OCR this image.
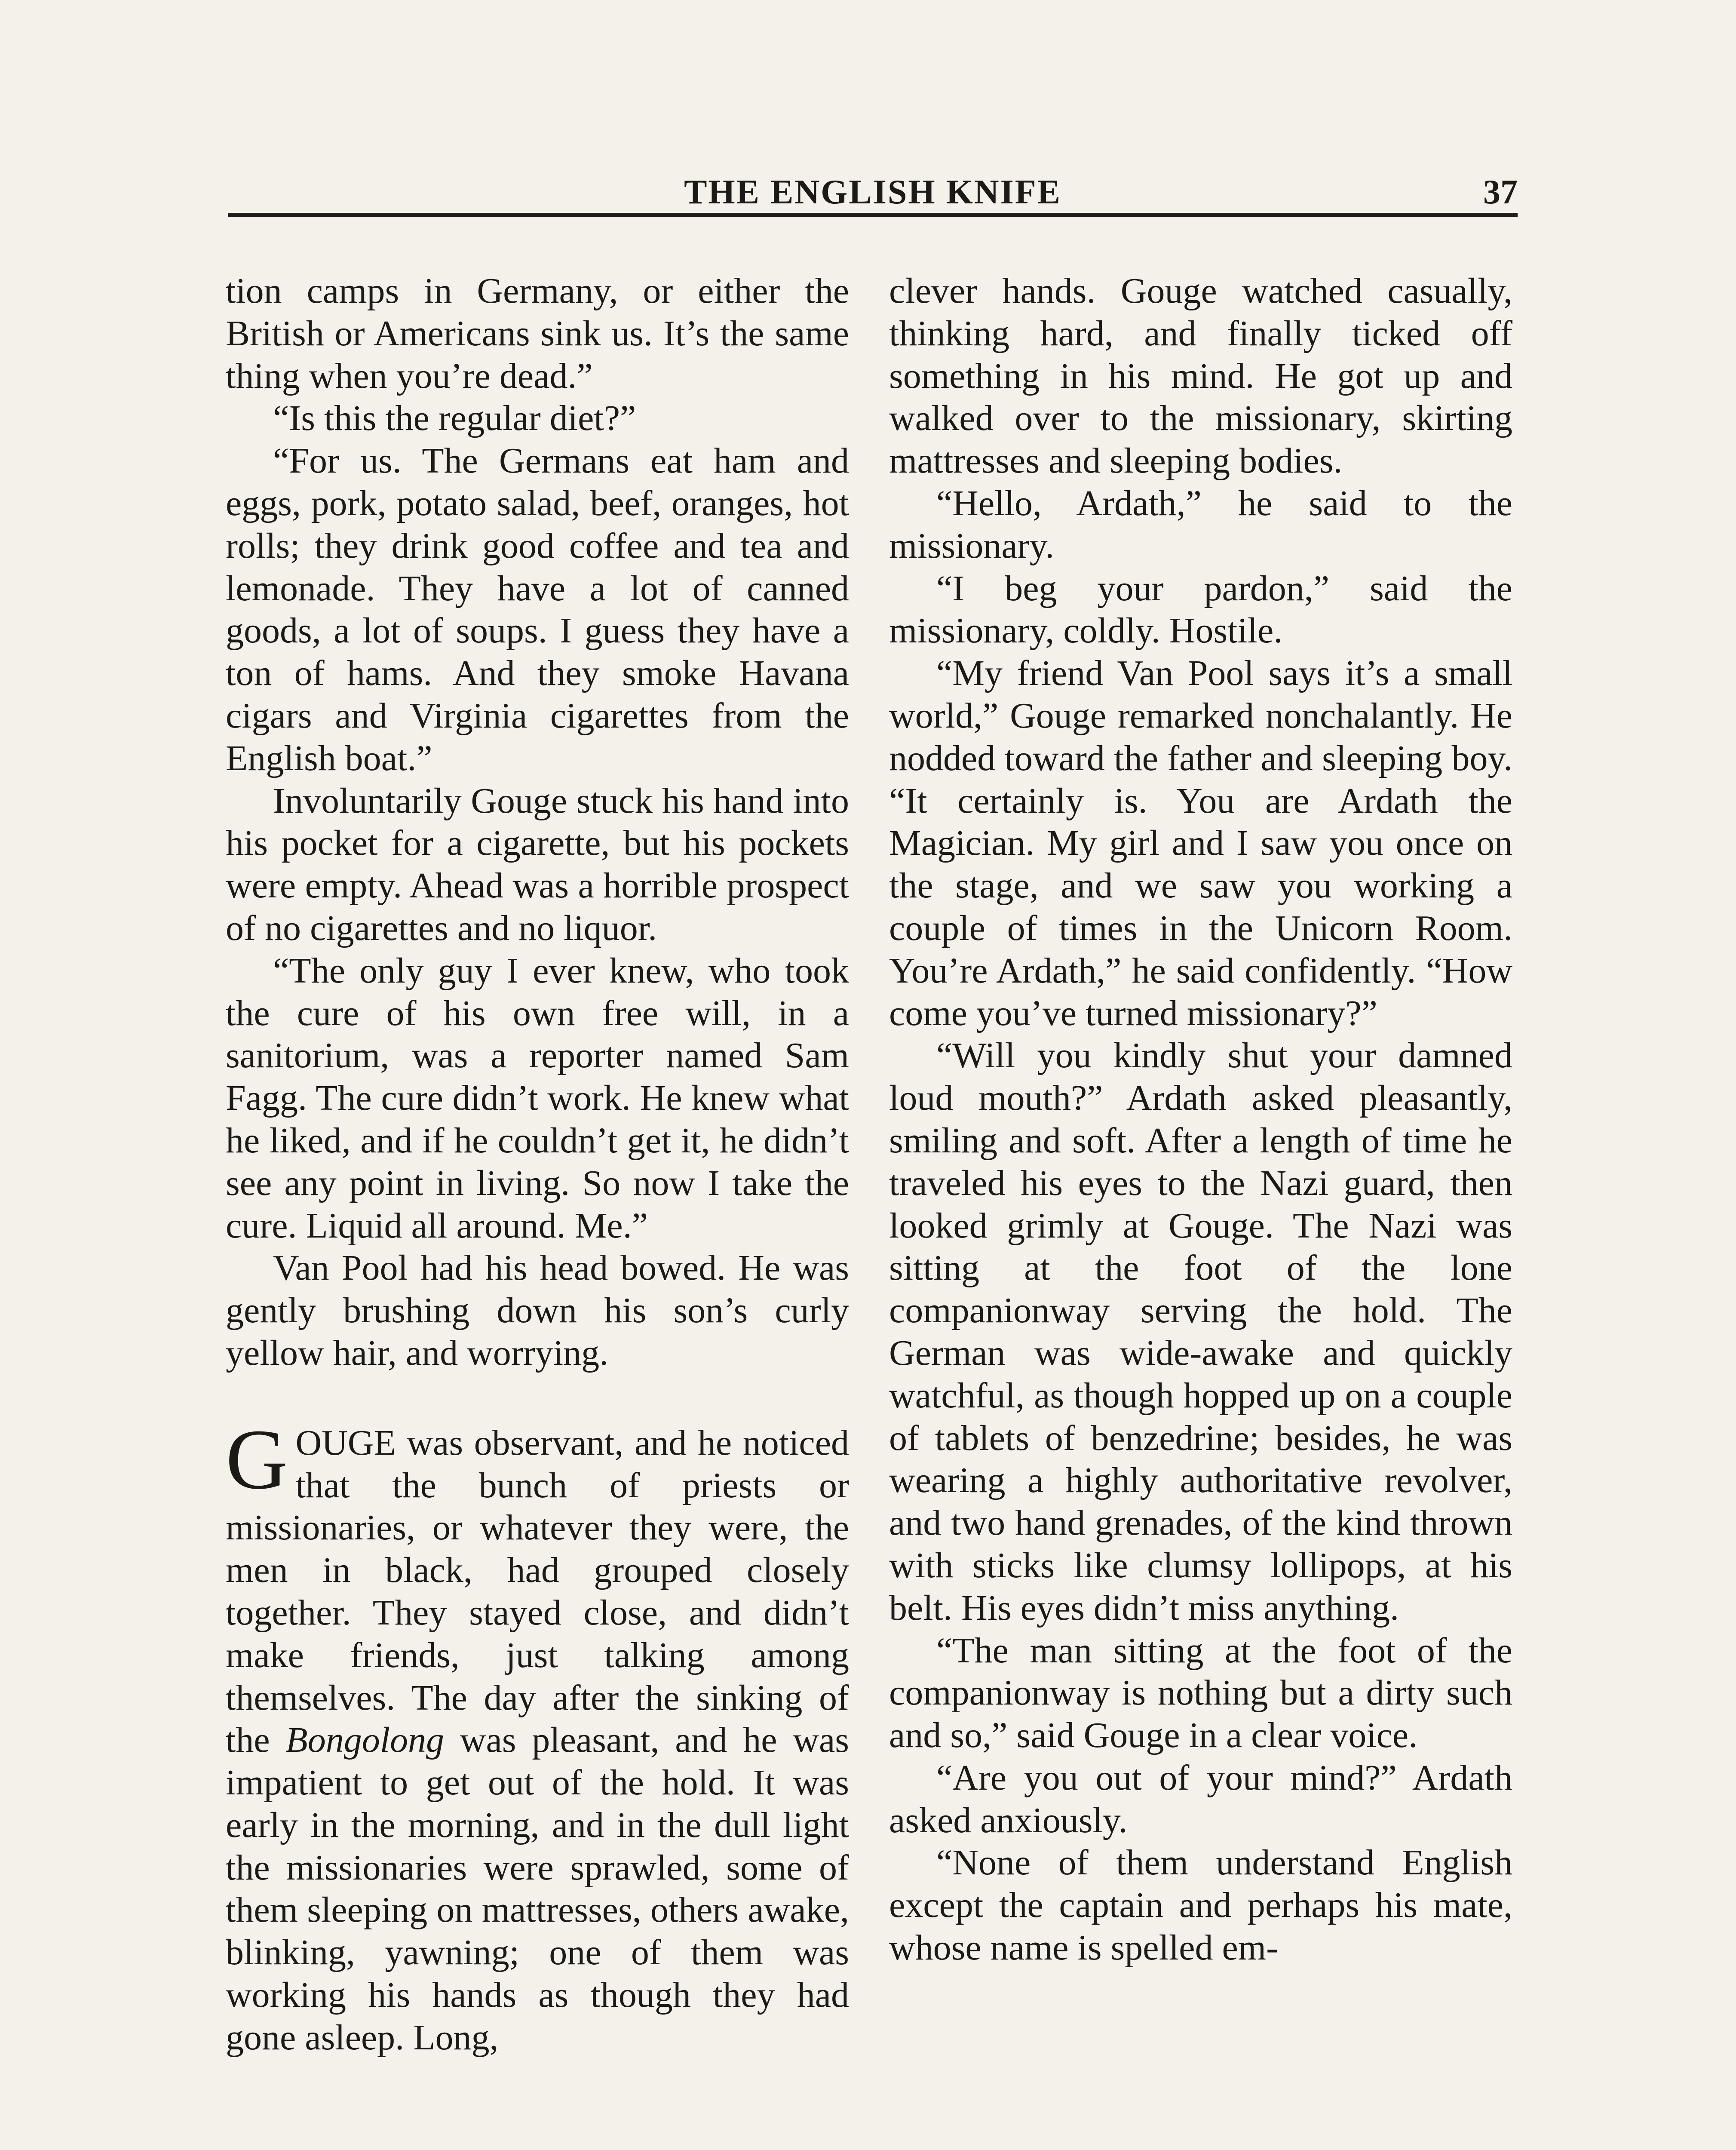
THE ENGLISH KNIFE	37

tion camps in Germany, or either the British or Americans sink us. It’s the same thing when you’re dead.”

“Is this the regular diet?”

“For us. The Germans eat ham and eggs, pork, potato salad, beef, oranges, hot rolls; they drink good coffee and tea and lemonade. They have a lot of canned goods, a lot of soups. I guess they have a ton of hams. And they smoke Havana cigars and Virginia cigarettes from the English boat.”

Involuntarily Gouge stuck his hand into his pocket for a cigarette, but his pockets were empty. Ahead was a horrible prospect of no cigarettes and no liquor.

“The only guy I ever knew, who took the cure of his own free will, in a sanitorium, was a reporter named Sam Fagg. The cure didn’t work. He knew what he liked, and if he couldn’t get it, he didn’t see any point in living. So now I take the cure. Liquid all around. Me.”

Van Pool had his head bowed. He was gently brushing down his son’s curly yellow hair, and worrying.

GOUGE was observant, and he noticed that the bunch of priests or missionaries, or whatever they were, the men in black, had grouped closely together. They stayed close, and didn’t make friends, just talking among themselves. The day after the sinking of the Bongolong was pleasant, and he was impatient to get out of the hold. It was early in the morning, and in the dull light the missionaries were sprawled, some of them sleeping on mattresses, others awake, blinking, yawning; one of them was working his hands as though they had gone asleep. Long,

clever hands. Gouge watched casually, thinking hard, and finally ticked off something in his mind. He got up and walked over to the missionary, skirting mattresses and sleeping bodies.

“Hello, Ardath,” he said to the missionary.

“I beg your pardon,” said the missionary, coldly. Hostile.

“My friend Van Pool says it’s a small world,” Gouge remarked nonchalantly. He nodded toward the father and sleeping boy. “It certainly is. You are Ardath the Magician. My girl and I saw you once on the stage, and we saw you working a couple of times in the Unicorn Room. You’re Ardath,” he said confidently. “How come you’ve turned missionary?”

“Will you kindly shut your damned loud mouth?” Ardath asked pleasantly, smiling and soft. After a length of time he traveled his eyes to the Nazi guard, then looked grimly at Gouge. The Nazi was sitting at the foot of the lone companionway serving the hold. The German was wide-awake and quickly watchful, as though hopped up on a couple of tablets of benzedrine; besides, he was wearing a highly authoritative revolver, and two hand grenades, of the kind thrown with sticks like clumsy lollipops, at his belt. His eyes didn’t miss anything.

“The man sitting at the foot of the companionway is nothing but a dirty such and so,” said Gouge in a clear voice.

“Are you out of your mind?” Ardath asked anxiously.

“None of them understand English except the captain and perhaps his mate, whose name is spelled em-
